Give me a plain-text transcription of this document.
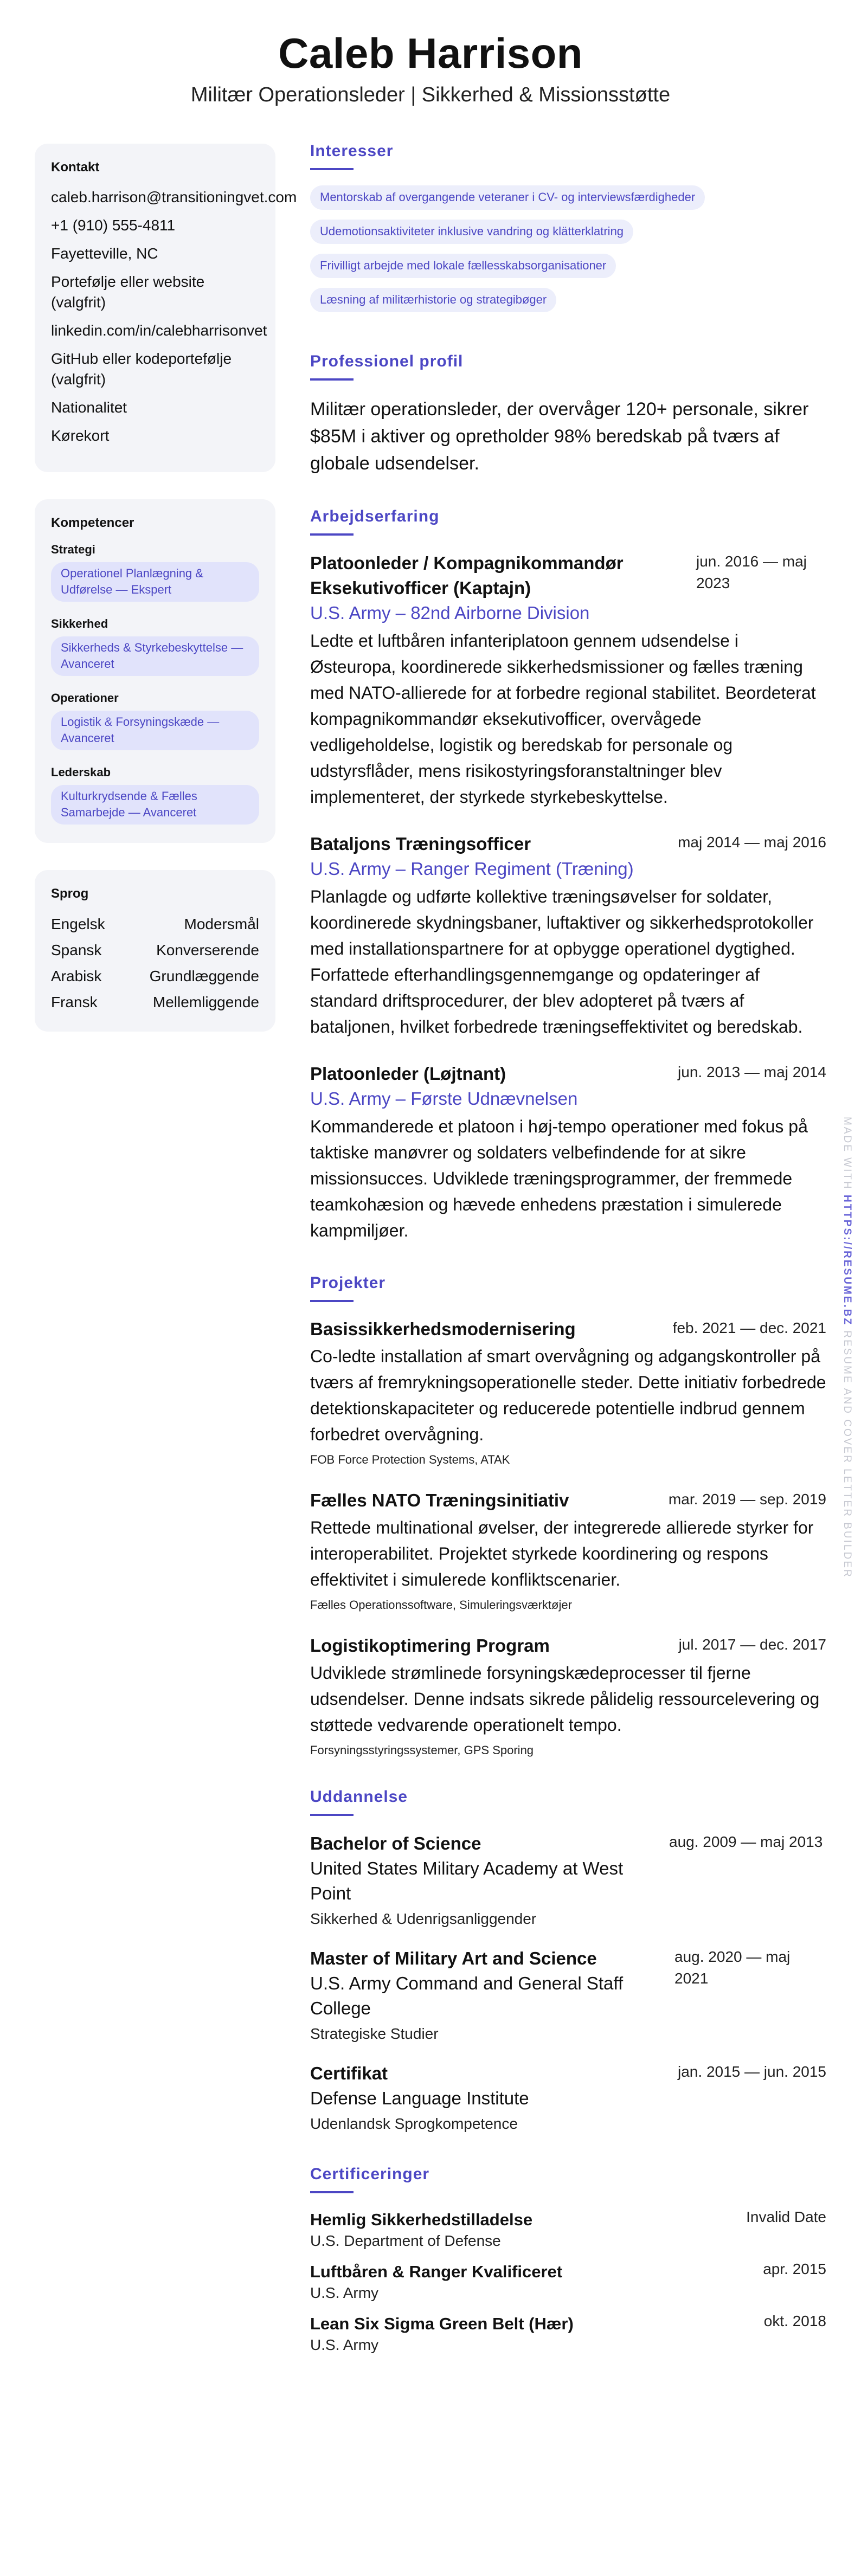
Caleb Harrison
Militær Operationsleder | Sikkerhed & Missionsstøtte
Kontakt
caleb.harrison@transitioningvet.com
+1 (910) 555-4811
Fayetteville, NC
Portefølje eller website (valgfrit)
linkedin.com/in/calebharrisonvet
GitHub eller kodeportefølje (valgfrit)
Nationalitet
Kørekort
Kompetencer
Strategi
Operationel Planlægning & Udførelse — Ekspert
Sikkerhed
Sikkerheds & Styrkebeskyttelse — Avanceret
Operationer
Logistik & Forsyningskæde — Avanceret
Lederskab
Kulturkrydsende & Fælles Samarbejde — Avanceret
Sprog
Engelsk	Modersmål
Spansk	Konverserende
Arabisk	Grundlæggende
Fransk	Mellemliggende
Interesser
Mentorskab af overgangende veteraner i CV- og interviewsfærdigheder
Udemotionsaktiviteter inklusive vandring og klätterklatring
Frivilligt arbejde med lokale fællesskabsorganisationer
Læsning af militærhistorie og strategibøger
Professionel profil
Militær operationsleder, der overvåger 120+ personale, sikrer $85M i aktiver og opretholder 98% beredskab på tværs af globale udsendelser.
Arbejdserfaring
Platoonleder / Kompagnikommandør Eksekutivofficer (Kaptajn)
jun. 2016 — maj 2023
U.S. Army – 82nd Airborne Division
Ledte et luftbåren infanteriplatoon gennem udsendelse i Østeuropa, koordinerede sikkerhedsmissioner og fælles træning med NATO-allierede for at forbedre regional stabilitet. Beordeterat kompagnikommandør eksekutivofficer, overvågede vedligeholdelse, logistik og beredskab for personale og udstyrsflåder, mens risikostyringsforanstaltninger blev implementeret, der styrkede styrkebeskyttelse.
Bataljons Træningsofficer	maj 2014 — maj 2016
U.S. Army – Ranger Regiment (Træning)
Planlagde og udførte kollektive træningsøvelser for soldater, koordinerede skydningsbaner, luftaktiver og sikkerhedsprotokoller med installationspartnere for at opbygge operationel dygtighed. Forfattede efterhandlingsgennemgange og opdateringer af standard driftsprocedurer, der blev adopteret på tværs af bataljonen, hvilket forbedrede træningseffektivitet og beredskab.
Platoonleder (Løjtnant)	jun. 2013 — maj 2014
U.S. Army – Første Udnævnelsen
Kommanderede et platoon i høj-tempo operationer med fokus på taktiske manøvrer og soldaters velbefindende for at sikre missionsucces. Udviklede træningsprogrammer, der fremmede teamkohæsion og hævede enhedens præstation i simulerede kampmiljøer.
Projekter
Basissikkerhedsmodernisering	feb. 2021 — dec. 2021
Co-ledte installation af smart overvågning og adgangskontroller på tværs af fremrykningsoperationelle steder. Dette initiativ forbedrede detektionskapaciteter og reducerede potentielle indbrud gennem forbedret overvågning.
FOB Force Protection Systems, ATAK
Fælles NATO Træningsinitiativ	mar. 2019 — sep. 2019
Rettede multinational øvelser, der integrerede allierede styrker for interoperabilitet. Projektet styrkede koordinering og respons effektivitet i simulerede konfliktscenarier.
Fælles Operationssoftware, Simuleringsværktøjer
Logistikoptimering Program	jul. 2017 — dec. 2017
Udviklede strømlinede forsyningskædeprocesser til fjerne udsendelser. Denne indsats sikrede pålidelig ressourcelevering og støttede vedvarende operationelt tempo.
Forsyningsstyringssystemer, GPS Sporing
Uddannelse
Bachelor of Science
United States Military Academy at West Point
aug. 2009 — maj 2013
Sikkerhed & Udenrigsanliggender
Master of Military Art and Science
U.S. Army Command and General Staff College
aug. 2020 — maj 2021
Strategiske Studier
Certifikat
Defense Language Institute
jan. 2015 — jun. 2015
Udenlandsk Sprogkompetence
Certificeringer
Hemlig Sikkerhedstilladelse	Invalid Date
U.S. Department of Defense
Luftbåren & Ranger Kvalificeret	apr. 2015
U.S. Army
Lean Six Sigma Green Belt (Hær)	okt. 2018
U.S. Army
MADE WITH HTTPS://RESUME.BZ RESUME AND COVER LETTER BUILDER
